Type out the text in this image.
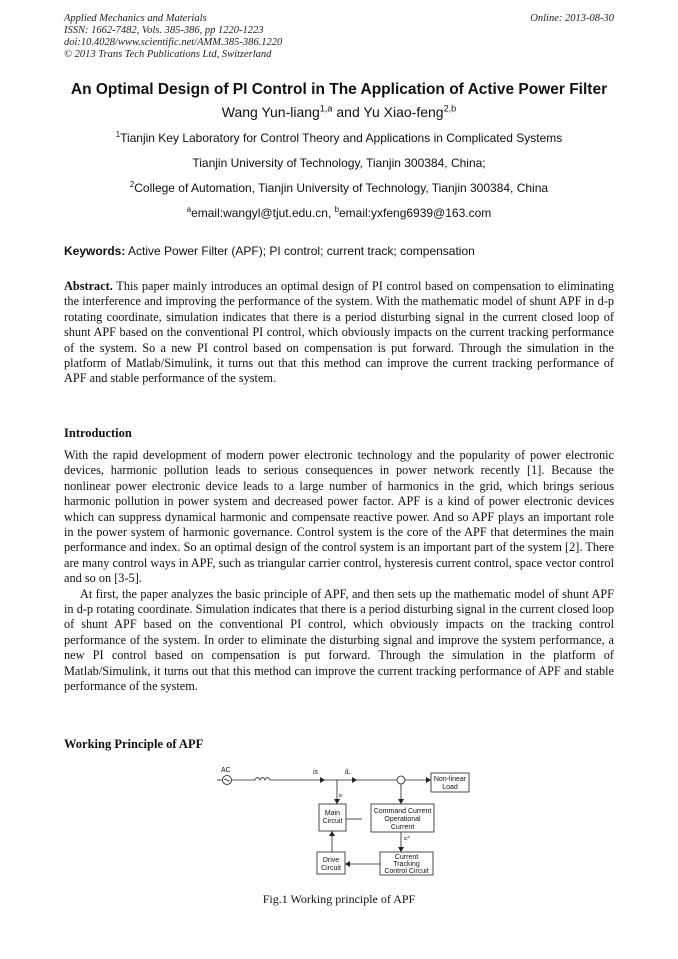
Applied Mechanics and Materials
ISSN: 1662-7482, Vols. 385-386, pp 1220-1223
doi:10.4028/www.scientific.net/AMM.385-386.1220
© 2013 Trans Tech Publications Ltd, Switzerland
Online: 2013-08-30
An Optimal Design of PI Control in The Application of Active Power Filter
Wang Yun-liang$^{1,a}$ and Yu Xiao-feng$^{2,b}$
$^1$Tianjin Key Laboratory for Control Theory and Applications in Complicated Systems
Tianjin University of Technology, Tianjin 300384, China;
$^2$College of Automation, Tianjin University of Technology, Tianjin 300384, China
$^a$email:wangyl@tjut.edu.cn, $^b$email:yxfeng6939@163.com
Keywords: Active Power Filter (APF); PI control; current track; compensation

Abstract. This paper mainly introduces an optimal design of PI control based on compensation to eliminating the interference and improving the performance of the system. With the mathematic model of shunt APF in d-p rotating coordinate, simulation indicates that there is a period disturbing signal in the current closed loop of shunt APF based on the conventional PI control, which obviously impacts on the current tracking performance of the system. So a new PI control based on compensation is put forward. Through the simulation in the platform of Matlab/Simulink, it turns out that this method can improve the current tracking performance of APF and stable performance of the system.

Introduction

With the rapid development of modern power electronic technology and the popularity of power electronic devices, harmonic pollution leads to serious consequences in power network recently [1]. Because the nonlinear power electronic device leads to a large number of harmonics in the grid, which brings serious harmonic pollution in power system and decreased power factor. APF is a kind of power electronic devices which can suppress dynamical harmonic and compensate reactive power. And so APF plays an important role in the power system of harmonic governance. Control system is the core of the APF that determines the main performance and index. So an optimal design of the control system is an important part of the system [2]. There are many control ways in APF, such as triangular carrier control, hysteresis current control, space vector control and so on [3-5].

At first, the paper analyzes the basic principle of APF, and then sets up the mathematic model of shunt APF in d-p rotating coordinate. Simulation indicates that there is a period disturbing signal in the current closed loop of shunt APF based on the conventional PI control, which obviously impacts on the tracking control performance of the system. In order to eliminate the disturbing signal and improve the system performance, a new PI control based on compensation is put forward. Through the simulation in the platform of Matlab/Simulink, it turns out that this method can improve the current tracking performance of APF and stable performance of the system.

Working Principle of APF
AC	is	iL
ic
ic*
Non-linear
Load
Main
Circuit
Command Current
Operational
Current
Drive
Circuit
Current
Tracking
Control Circuit
Fig.1 Working principle of APF
